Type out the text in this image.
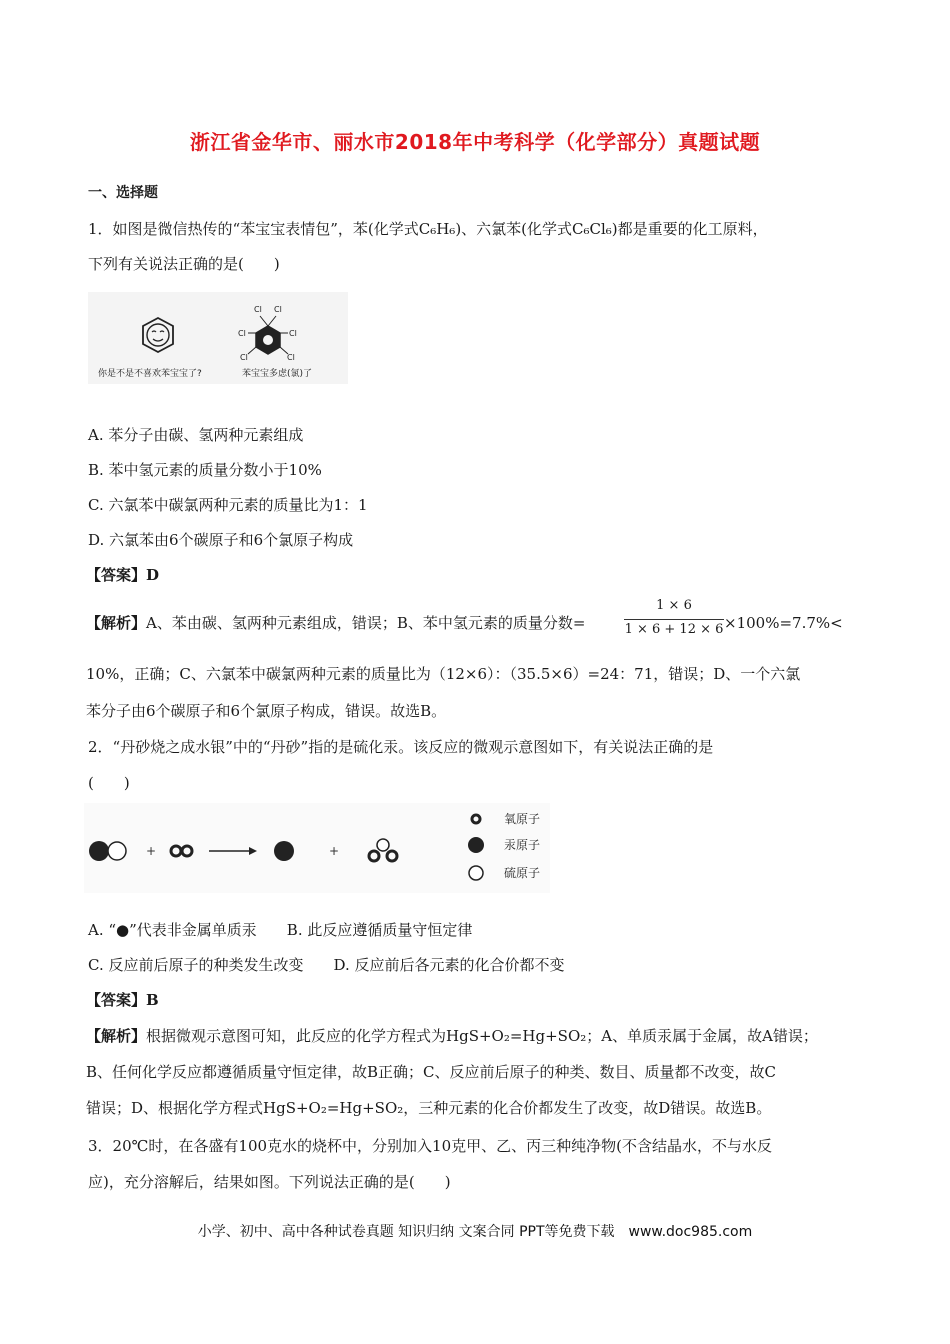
浙江省金华市、丽水市2018年中考科学（化学部分）真题试题
一、选择题
1．如图是微信热传的“苯宝宝表情包”，苯(化学式C₆H₆)、六氯苯(化学式C₆Cl₆)都是重要的化工原料，
下列有关说法正确的是(　　)
Cl Cl
Cl	Cl
Cl	Cl
你是不是不喜欢苯宝宝了?	苯宝宝多虑(氯)了
A. 苯分子由碳、氢两种元素组成
B. 苯中氢元素的质量分数小于10%
C. 六氯苯中碳氯两种元素的质量比为1：1
D. 六氯苯由6个碳原子和6个氯原子构成
【答案】D
【解析】A、苯由碳、氢两种元素组成，错误；B、苯中氢元素的质量分数=
1 × 6
1 × 6 + 12 × 6 ×100%=7.7%<
10%，正确；C、六氯苯中碳氯两种元素的质量比为（12×6）：（35.5×6）=24：71，错误；D、一个六氯
苯分子由6个碳原子和6个氯原子构成，错误。故选B。
2．“丹砂烧之成水银”中的“丹砂”指的是硫化汞。该反应的微观示意图如下，有关说法正确的是
(　　)
+	+
氧原子
汞原子
硫原子
A. “●”代表非金属单质汞　　B. 此反应遵循质量守恒定律
C. 反应前后原子的种类发生改变　　D. 反应前后各元素的化合价都不变
【答案】B
【解析】根据微观示意图可知，此反应的化学方程式为HgS+O₂=Hg+SO₂；A、单质汞属于金属，故A错误；
B、任何化学反应都遵循质量守恒定律，故B正确；C、反应前后原子的种类、数目、质量都不改变，故C
错误；D、根据化学方程式HgS+O₂=Hg+SO₂，三种元素的化合价都发生了改变，故D错误。故选B。
3．20℃时，在各盛有100克水的烧杯中，分别加入10克甲、乙、丙三种纯净物(不含结晶水，不与水反
应)，充分溶解后，结果如图。下列说法正确的是(　　)
小学、初中、高中各种试卷真题 知识归纳 文案合同 PPT等免费下载　www.doc985.com
